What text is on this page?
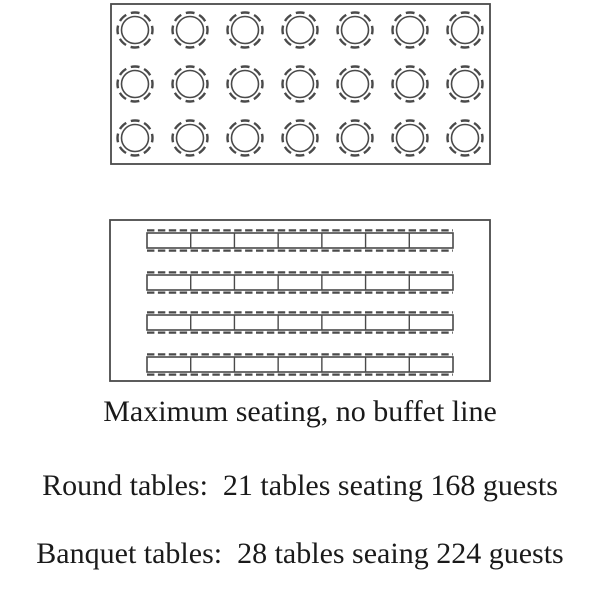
Maximum seating, no buffet line
Round tables:  21 tables seating 168 guests
Banquet tables:  28 tables seaing 224 guests
